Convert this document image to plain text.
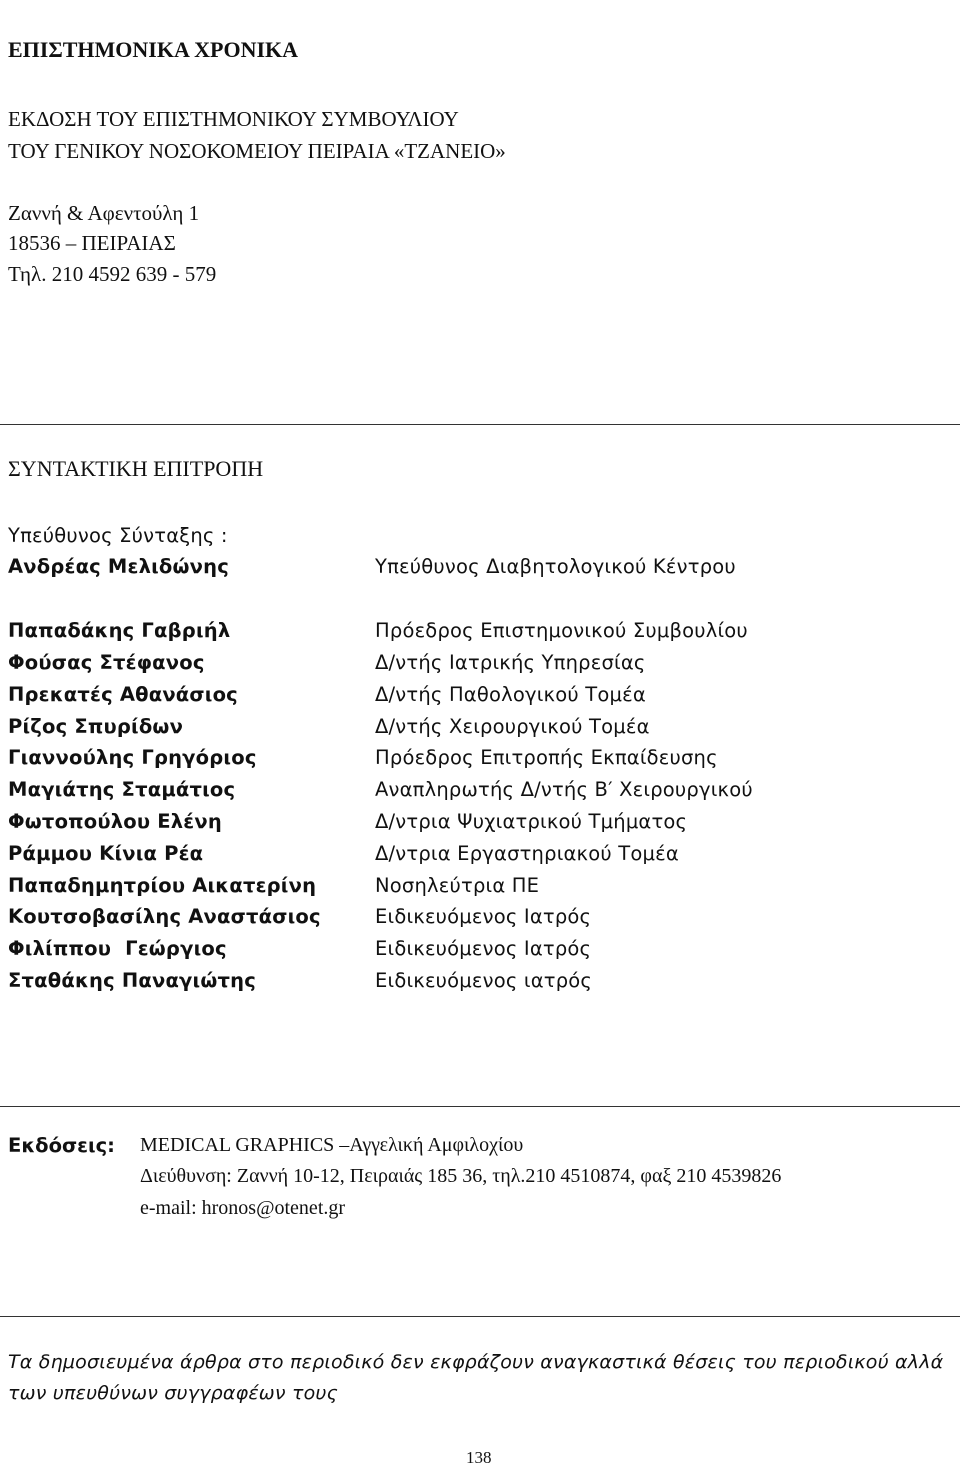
ΕΠΙΣΤΗΜΟΝΙΚΑ ΧΡΟΝΙΚΑ
ΕΚΔΟΣΗ ΤΟΥ ΕΠΙΣΤΗΜΟΝΙΚΟΥ ΣΥΜΒΟΥΛΙΟΥ
ΤΟΥ ΓΕΝΙΚΟΥ ΝΟΣΟΚΟΜΕΙΟΥ ΠΕΙΡΑΙΑ «ΤΖΑΝΕΙΟ»
Ζαννή & Αφεντούλη 1
18536 – ΠΕΙΡΑΙΑΣ
Τηλ. 210 4592 639 - 579
ΣΥΝΤΑΚΤΙΚΗ ΕΠΙΤΡΟΠΗ
Υπεύθυνος Σύνταξης :
Ανδρέας Μελιδώνης	Υπεύθυνος Διαβητολογικού Κέντρου
Παπαδάκης Γαβριήλ	Πρόεδρος Επιστημονικού Συμβουλίου
Φούσας Στέφανος	Δ/ντής Ιατρικής Υπηρεσίας
Πρεκατές Αθανάσιος	Δ/ντής Παθολογικού Τομέα
Ρίζος Σπυρίδων	Δ/ντής Χειρουργικού Τομέα
Γιαννούλης Γρηγόριος	Πρόεδρος Επιτροπής Εκπαίδευσης
Μαγιάτης Σταμάτιος	Αναπληρωτής Δ/ντής Β′ Χειρουργικού
Φωτοπούλου Ελένη	Δ/ντρια Ψυχιατρικού Τμήματος
Ράμμου Κίνια Ρέα	Δ/ντρια Εργαστηριακού Τομέα
Παπαδημητρίου Αικατερίνη	Νοσηλεύτρια ΠΕ
Κουτσοβασίλης Αναστάσιος	Ειδικευόμενος Ιατρός
Φιλίππου  Γεώργιος	Ειδικευόμενος Ιατρός
Σταθάκης Παναγιώτης	Ειδικευόμενος ιατρός
Εκδόσεις: MEDICAL GRAPHICS –Αγγελική Αμφιλοχίου
Διεύθυνση: Ζαννή 10-12, Πειραιάς 185 36, τηλ.210 4510874, φαξ 210 4539826
e-mail: hronos@otenet.gr
Τα δημοσιευμένα άρθρα στο περιοδικό δεν εκφράζουν αναγκαστικά θέσεις του περιοδικού αλλά
των υπευθύνων συγγραφέων τους
138
